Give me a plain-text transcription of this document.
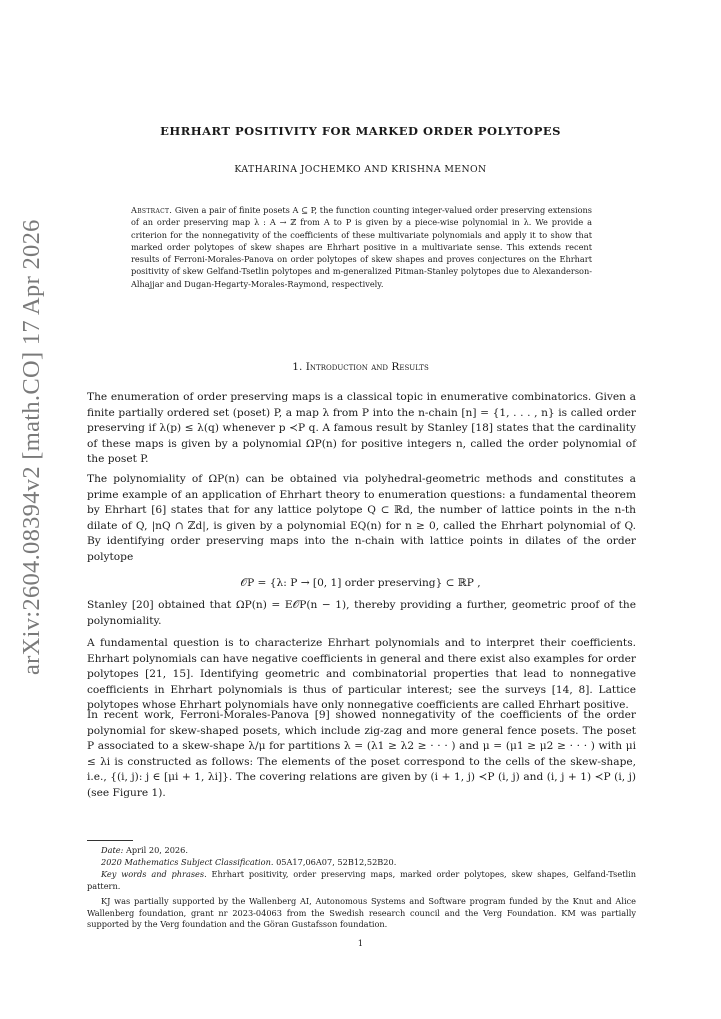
arXiv:2604.08394v2 [math.CO] 17 Apr 2026
EHRHART POSITIVITY FOR MARKED ORDER POLYTOPES
KATHARINA JOCHEMKO AND KRISHNA MENON
Abstract. Given a pair of finite posets A ⊆ P, the function counting integer-valued order preserving extensions of an order preserving map λ : A → ℤ from A to P is given by a piece-wise polynomial in λ. We provide a criterion for the nonnegativity of the coefficients of these multivariate polynomials and apply it to show that marked order polytopes of skew shapes are Ehrhart positive in a multivariate sense. This extends recent results of Ferroni-Morales-Panova on order polytopes of skew shapes and proves conjectures on the Ehrhart positivity of skew Gelfand-Tsetlin polytopes and m-generalized Pitman-Stanley polytopes due to Alexanderson-Alhajjar and Dugan-Hegarty-Morales-Raymond, respectively.
1. Introduction and Results

The enumeration of order preserving maps is a classical topic in enumerative combinatorics. Given a finite partially ordered set (poset) P, a map λ from P into the n-chain [n] = {1, . . . , n} is called order preserving if λ(p) ≤ λ(q) whenever p ≺P q. A famous result by Stanley [18] states that the cardinality of these maps is given by a polynomial ΩP(n) for positive integers n, called the order polynomial of the poset P.

The polynomiality of ΩP(n) can be obtained via polyhedral-geometric methods and constitutes a prime example of an application of Ehrhart theory to enumeration questions: a fundamental theorem by Ehrhart [6] states that for any lattice polytope Q ⊂ ℝd, the number of lattice points in the n-th dilate of Q, |nQ ∩ ℤd|, is given by a polynomial EQ(n) for n ≥ 0, called the Ehrhart polynomial of Q. By identifying order preserving maps into the n-chain with lattice points in dilates of the order polytope

𝒪P = {λ: P → [0, 1] order preserving} ⊂ ℝP ,

Stanley [20] obtained that ΩP(n) = E𝒪P(n − 1), thereby providing a further, geometric proof of the polynomiality.

A fundamental question is to characterize Ehrhart polynomials and to interpret their coefficients. Ehrhart polynomials can have negative coefficients in general and there exist also examples for order polytopes [21, 15]. Identifying geometric and combinatorial properties that lead to nonnegative coefficients in Ehrhart polynomials is thus of particular interest; see the surveys [14, 8]. Lattice polytopes whose Ehrhart polynomials have only nonnegative coefficients are called Ehrhart positive.

In recent work, Ferroni-Morales-Panova [9] showed nonnegativity of the coefficients of the order polynomial for skew-shaped posets, which include zig-zag and more general fence posets. The poset P associated to a skew-shape λ/μ for partitions λ = (λ1 ≥ λ2 ≥ · · · ) and μ = (μ1 ≥ μ2 ≥ · · · ) with μi ≤ λi is constructed as follows: The elements of the poset correspond to the cells of the skew-shape, i.e., {(i, j): j ∈ [μi + 1, λi]}. The covering relations are given by (i + 1, j) ≺P (i, j) and (i, j + 1) ≺P (i, j) (see Figure 1).

Date: April 20, 2026.

2020 Mathematics Subject Classification. 05A17,06A07, 52B12,52B20.

Key words and phrases. Ehrhart positivity, order preserving maps, marked order polytopes, skew shapes, Gelfand-Tsetlin pattern.

KJ was partially supported by the Wallenberg AI, Autonomous Systems and Software program funded by the Knut and Alice Wallenberg foundation, grant nr 2023-04063 from the Swedish research council and the Verg Foundation. KM was partially supported by the Verg foundation and the Göran Gustafsson foundation.

1
